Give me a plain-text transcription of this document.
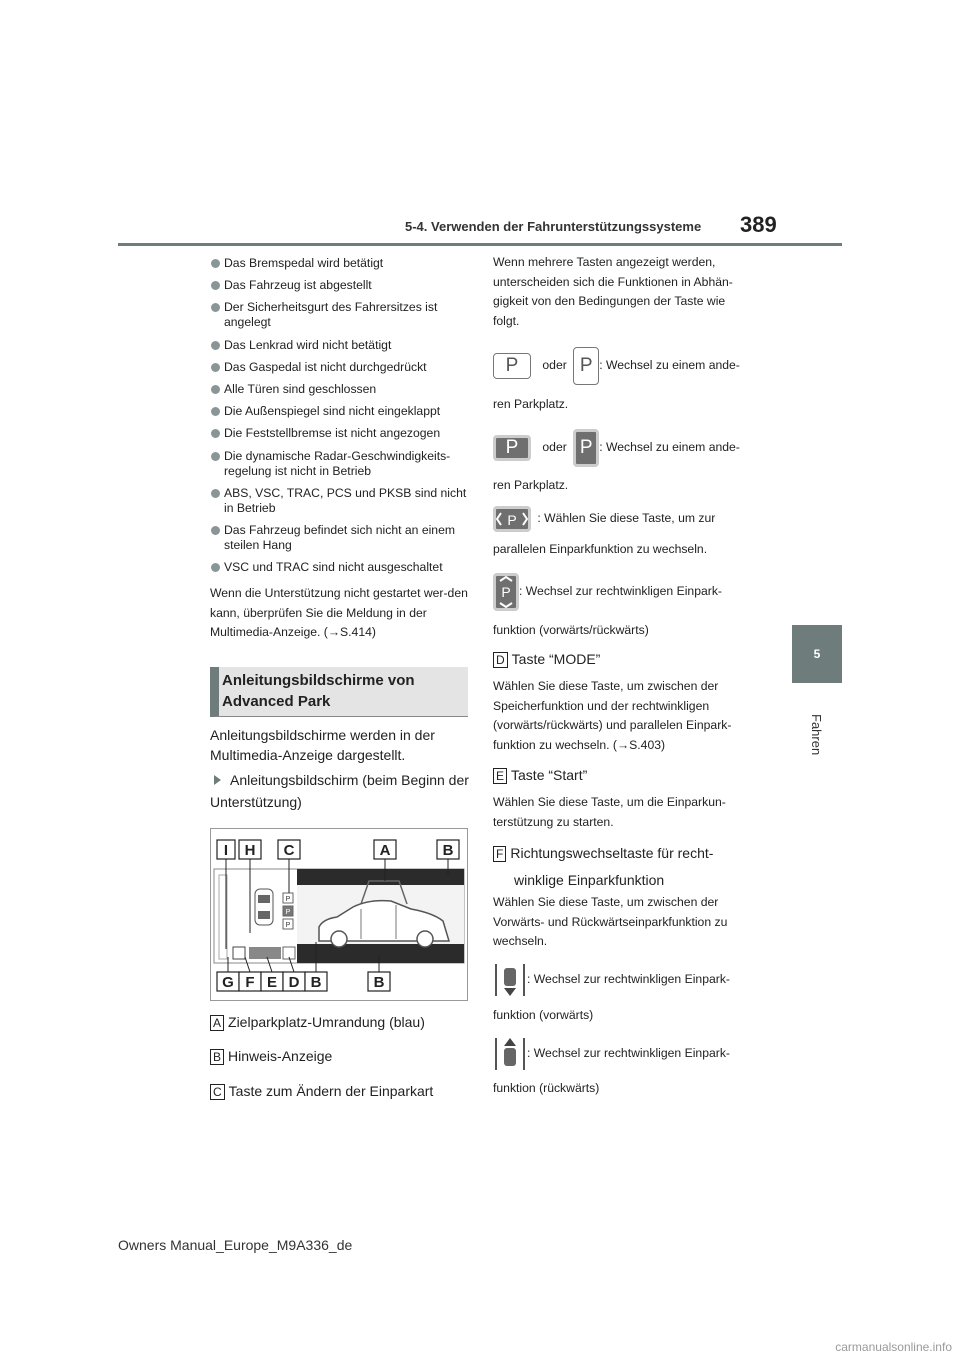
5-4. Verwenden der Fahrunterstützungssysteme 389
5
Fahren
Das Bremspedal wird betätigt
Das Fahrzeug ist abgestellt
Der Sicherheitsgurt des Fahrersitzes ist angelegt
Das Lenkrad wird nicht betätigt
Das Gaspedal ist nicht durchgedrückt
Alle Türen sind geschlossen
Die Außenspiegel sind nicht eingeklappt
Die Feststellbremse ist nicht angezogen
Die dynamische Radar-Geschwindigkeits-regelung ist nicht in Betrieb
ABS, VSC, TRAC, PCS und PKSB sind nicht in Betrieb
Das Fahrzeug befindet sich nicht an einem steilen Hang
VSC und TRAC sind nicht ausgeschaltet
Wenn die Unterstützung nicht gestartet wer-den kann, überprüfen Sie die Meldung in der Multimedia-Anzeige. (→S.414)
Anleitungsbildschirme von Advanced Park
Anleitungsbildschirme werden in der Multimedia-Anzeige dargestellt.
Anleitungsbildschirm (beim Beginn der Unterstützung)
P
P
P
I H C	A	B
G F E D B	B
A Zielparkplatz-Umrandung (blau)
B Hinweis-Anzeige
C Taste zum Ändern der Einparkart
Wenn mehrere Tasten angezeigt werden, unterscheiden sich die Funktionen in Abhän-gigkeit von den Bedingungen der Taste wie folgt.
P oder P : Wechsel zu einem ande-
ren Parkplatz.
P oder P : Wechsel zu einem ande-
ren Parkplatz.
P : Wählen Sie diese Taste, um zur
parallelen Einparkfunktion zu wechseln.
P : Wechsel zur rechtwinkligen Einpark-
funktion (vorwärts/rückwärts)
D Taste “MODE”
Wählen Sie diese Taste, um zwischen der Speicherfunktion und der rechtwinkligen (vorwärts/rückwärts) und parallelen Einpark-funktion zu wechseln. (→S.403)
E Taste “Start”
Wählen Sie diese Taste, um die Einparkun-terstützung zu starten.
F Richtungswechseltaste für recht-
winklige Einparkfunktion
Wählen Sie diese Taste, um zwischen der Vorwärts- und Rückwärtseinparkfunktion zu wechseln.
: Wechsel zur rechtwinkligen Einpark-
funktion (vorwärts)
: Wechsel zur rechtwinkligen Einpark-
funktion (rückwärts)
Owners Manual_Europe_M9A336_de
carmanualsonline.info
